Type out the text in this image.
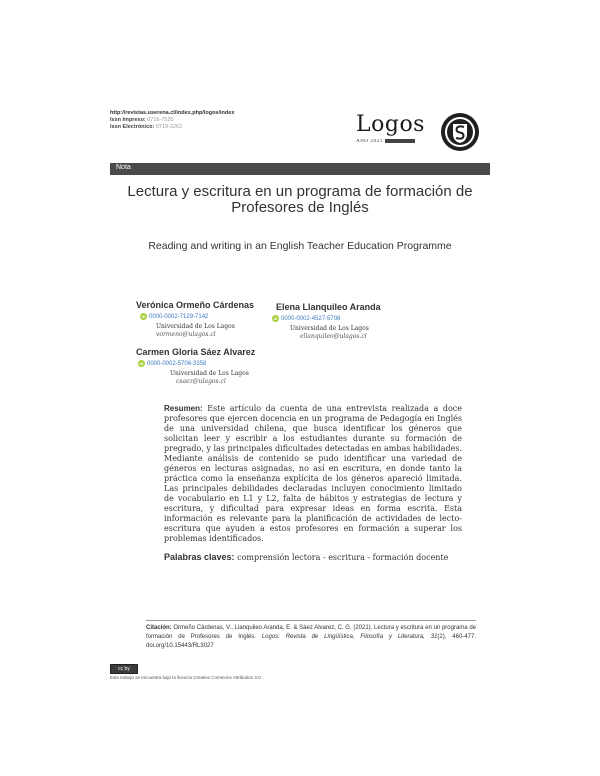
http://revistas.userena.cl/index.php/logos/index
Issn Impreso: 0716-7520
Issn Electrónico: 0719-3262	Logos
AÑO 2021
Nota
Lectura y escritura en un programa de formación de Profesores de Inglés
Reading and writing in an English Teacher Education Programme
Verónica Ormeño Cárdenas
iD 0000-0002-7129-7142
Universidad de Los Lagos
vormeno@ulagos.cl
Elena Llanquileo Aranda
iD 0000-0002-4527-5708
Universidad de Los Lagos
ellanquileo@ulagos.cl
Carmen Gloria Sáez Alvarez
iD 0000-0002-5706-3358
Universidad de Los Lagos
csaez@ulagos.cl
Resumen: Este artículo da cuenta de una entrevista realizada a doce profesores que ejercen docencia en un programa de Pedagogía en Inglés de una universidad chilena, que busca identificar los géneros que solicitan leer y escribir a los estudiantes durante su formación de pregrado, y las principales dificultades detectadas en ambas habilidades. Mediante análisis de contenido se pudo identificar una variedad de géneros en lecturas asignadas, no así en escritura, en donde tanto la práctica como la enseñanza explícita de los géneros apareció limitada. Las principales debilidades declaradas incluyen conocimiento limitado de vocabulario en L1 y L2, falta de hábitos y estrategias de lectura y escritura, y dificultad para expresar ideas en forma escrita. Esta información es relevante para la planificación de actividades de lecto-escritura que ayuden a estos profesores en formación a superar los problemas identificados.
Palabras claves: comprensión lectora - escritura - formación docente
Citación: Ormeño Cárdenas, V., Llanquileo Aranda, E. & Sáez Alvarez, C. G. (2021). Lectura y escritura en un programa de formación de Profesores de Inglés. Logos: Revista de Lingüística, Filosofía y Literatura, 31(2), 460-477. doi.org/10.15443/RL3027
cc by
Este trabajo se encuentra bajo la licencia Creative Commons Attribution 3.0.
